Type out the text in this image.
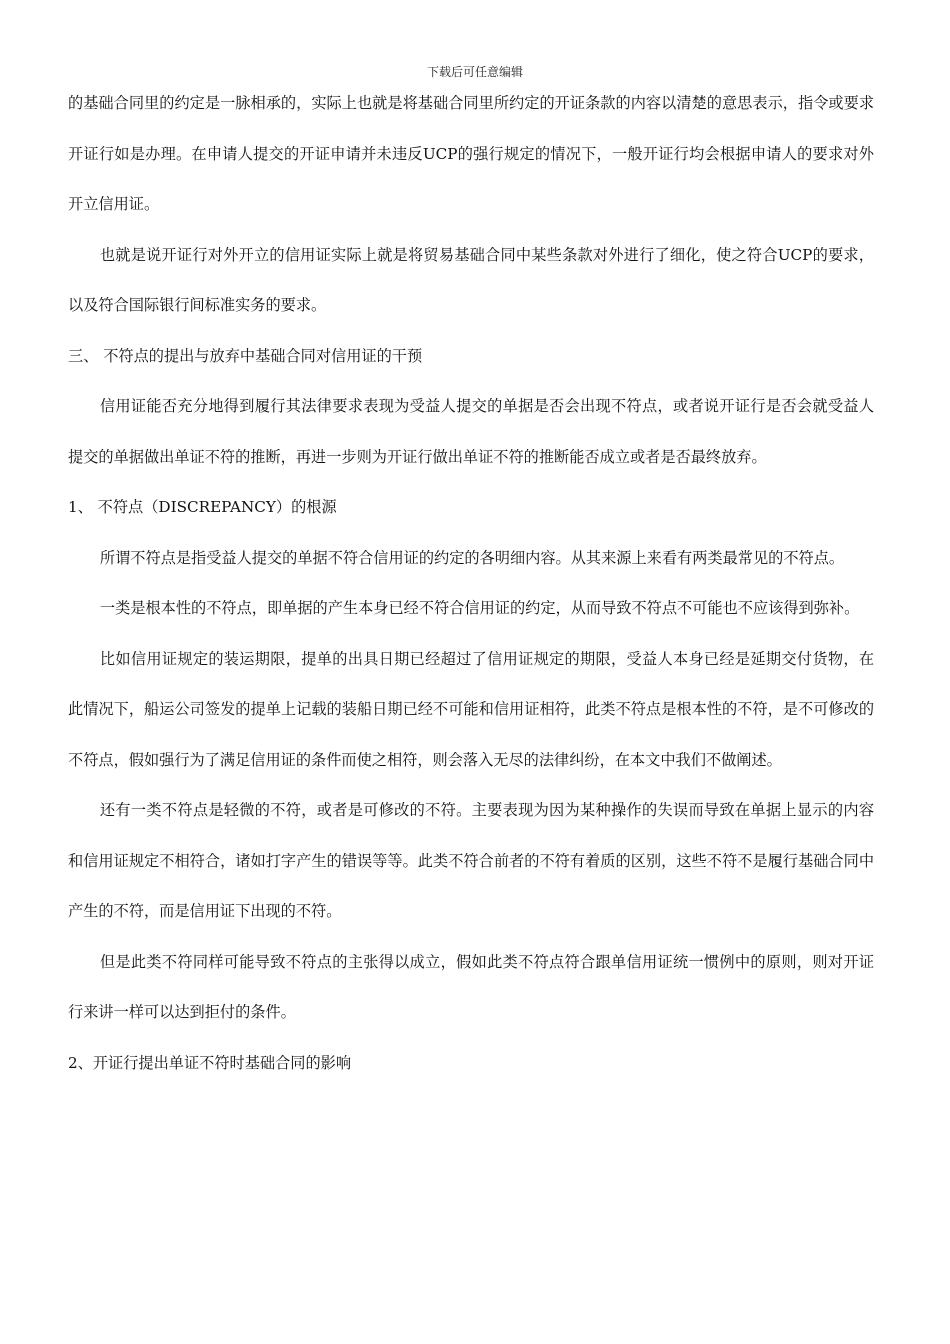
下载后可任意编辑

的基础合同里的约定是一脉相承的，实际上也就是将基础合同里所约定的开证条款的内容以清楚的意思表示，指令或要求开证行如是办理。在申请人提交的开证申请并未违反UCP的强行规定的情况下，一般开证行均会根据申请人的要求对外开立信用证。

也就是说开证行对外开立的信用证实际上就是将贸易基础合同中某些条款对外进行了细化，使之符合UCP的要求，以及符合国际银行间标准实务的要求。

三、 不符点的提出与放弃中基础合同对信用证的干预

信用证能否充分地得到履行其法律要求表现为受益人提交的单据是否会出现不符点，或者说开证行是否会就受益人提交的单据做出单证不符的推断，再进一步则为开证行做出单证不符的推断能否成立或者是否最终放弃。

1、 不符点（DISCREPANCY）的根源

所谓不符点是指受益人提交的单据不符合信用证的约定的各明细内容。从其来源上来看有两类最常见的不符点。

一类是根本性的不符点，即单据的产生本身已经不符合信用证的约定，从而导致不符点不可能也不应该得到弥补。

比如信用证规定的装运期限，提单的出具日期已经超过了信用证规定的期限，受益人本身已经是延期交付货物，在此情况下，船运公司签发的提单上记载的装船日期已经不可能和信用证相符，此类不符点是根本性的不符，是不可修改的不符点，假如强行为了满足信用证的条件而使之相符，则会落入无尽的法律纠纷，在本文中我们不做阐述。

还有一类不符点是轻微的不符，或者是可修改的不符。主要表现为因为某种操作的失误而导致在单据上显示的内容和信用证规定不相符合，诸如打字产生的错误等等。此类不符合前者的不符有着质的区别，这些不符不是履行基础合同中产生的不符，而是信用证下出现的不符。

但是此类不符同样可能导致不符点的主张得以成立，假如此类不符点符合跟单信用证统一惯例中的原则，则对开证行来讲一样可以达到拒付的条件。

2、开证行提出单证不符时基础合同的影响
